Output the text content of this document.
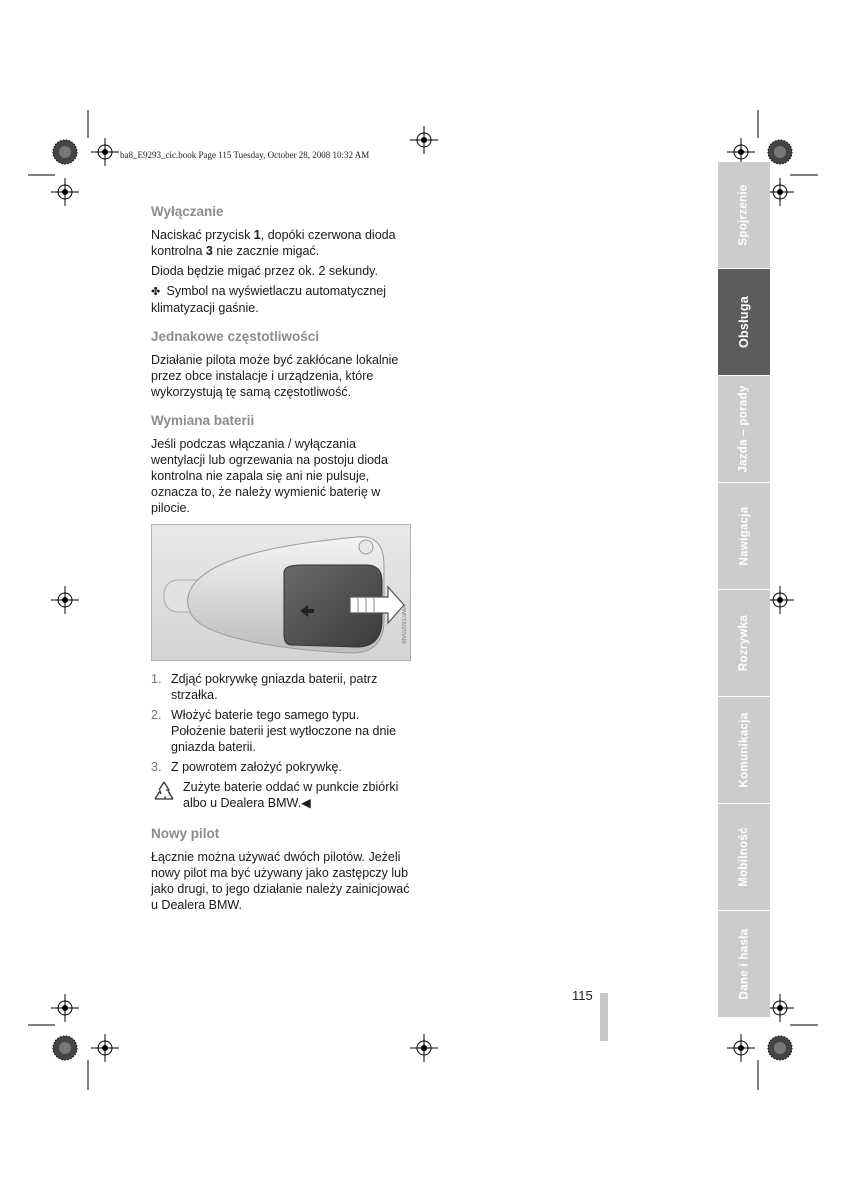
ba8_E9293_cic.book Page 115 Tuesday, October 28, 2008 10:32 AM
Wyłączanie

Naciskać przycisk 1, dopóki czerwona dioda kontrolna 3 nie zacznie migać.

Dioda będzie migać przez ok. 2 sekundy.

✤ Symbol na wyświetlaczu automatycznej klimatyzacji gaśnie.

Jednakowe częstotliwości

Działanie pilota może być zakłócane lokalnie przez obce instalacje i urządzenia, które wykorzystują tę samą częstotliwość.

Wymiana baterii

Jeśli podczas włączania / wyłączania wentylacji lub ogrzewania na postoju dioda kontrolna nie zapala się ani nie pulsuje, oznacza to, że należy wymienić baterię w pilocie.

MV02091SMA
1. Zdjąć pokrywkę gniazda baterii, patrz strzałka.
2. Włożyć baterie tego samego typu. Położenie baterii jest wytłoczone na dnie gniazda baterii.
3. Z powrotem założyć pokrywkę.
Zużyte baterie oddać w punkcie zbiórki albo u Dealera BMW.◀
Nowy pilot

Łącznie można używać dwóch pilotów. Jeżeli nowy pilot ma być używany jako zastępczy lub jako drugi, to jego działanie należy zainicjować u Dealera BMW.

Spojrzenie
Obsługa
Jazda – porady
Nawigacja
Rozrywka
Komunikacja
Mobilność
Dane i hasła
115
